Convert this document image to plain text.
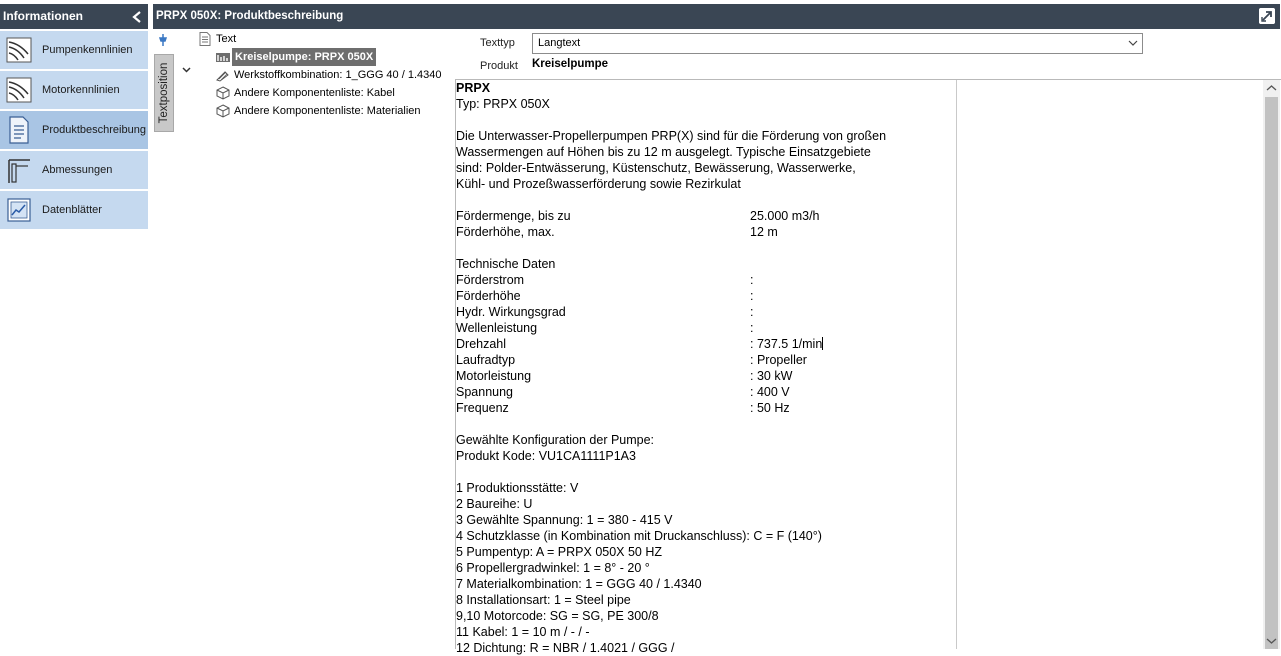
Informationen
Pumpenkennlinien
Motorkennlinien
Produktbeschreibung
Abmessungen
Datenblätter
PRPX 050X: Produktbeschreibung
Textposition
Text
Kreiselpumpe: PRPX 050X
Werkstoffkombination: 1_GGG 40 / 1.4340
Andere Komponentenliste: Kabel
Andere Komponentenliste: Materialien
Texttyp Langtext
Produkt Kreiselpumpe
PRPX
Typ: PRPX 050X
Die Unterwasser-Propellerpumpen PRP(X) sind für die Förderung von großen
Wassermengen auf Höhen bis zu 12 m ausgelegt. Typische Einsatzgebiete
sind: Polder-Entwässerung, Küstenschutz, Bewässerung, Wasserwerke,
Kühl- und Prozeßwasserförderung sowie Rezirkulat
Fördermenge, bis zu	25.000 m3/h
Förderhöhe, max.	12 m
Technische Daten
Förderstrom	:
Förderhöhe	:
Hydr. Wirkungsgrad	:
Wellenleistung	:
Drehzahl	: 737.5 1/min
Laufradtyp	: Propeller
Motorleistung	: 30 kW
Spannung	: 400 V
Frequenz	: 50 Hz
Gewählte Konfiguration der Pumpe:
Produkt Kode: VU1CA1111P1A3
1 Produktionsstätte: V
2 Baureihe: U
3 Gewählte Spannung: 1 = 380 - 415 V
4 Schutzklasse (in Kombination mit Druckanschluss): C = F (140°)
5 Pumpentyp: A = PRPX 050X 50 HZ
6 Propellergradwinkel: 1 = 8° - 20 °
7 Materialkombination: 1 = GGG 40 / 1.4340
8 Installationsart: 1 = Steel pipe
9,10 Motorcode: SG = SG, PE 300/8
11 Kabel: 1 = 10 m / - / -
12 Dichtung: R = NBR / 1.4021 / GGG /
